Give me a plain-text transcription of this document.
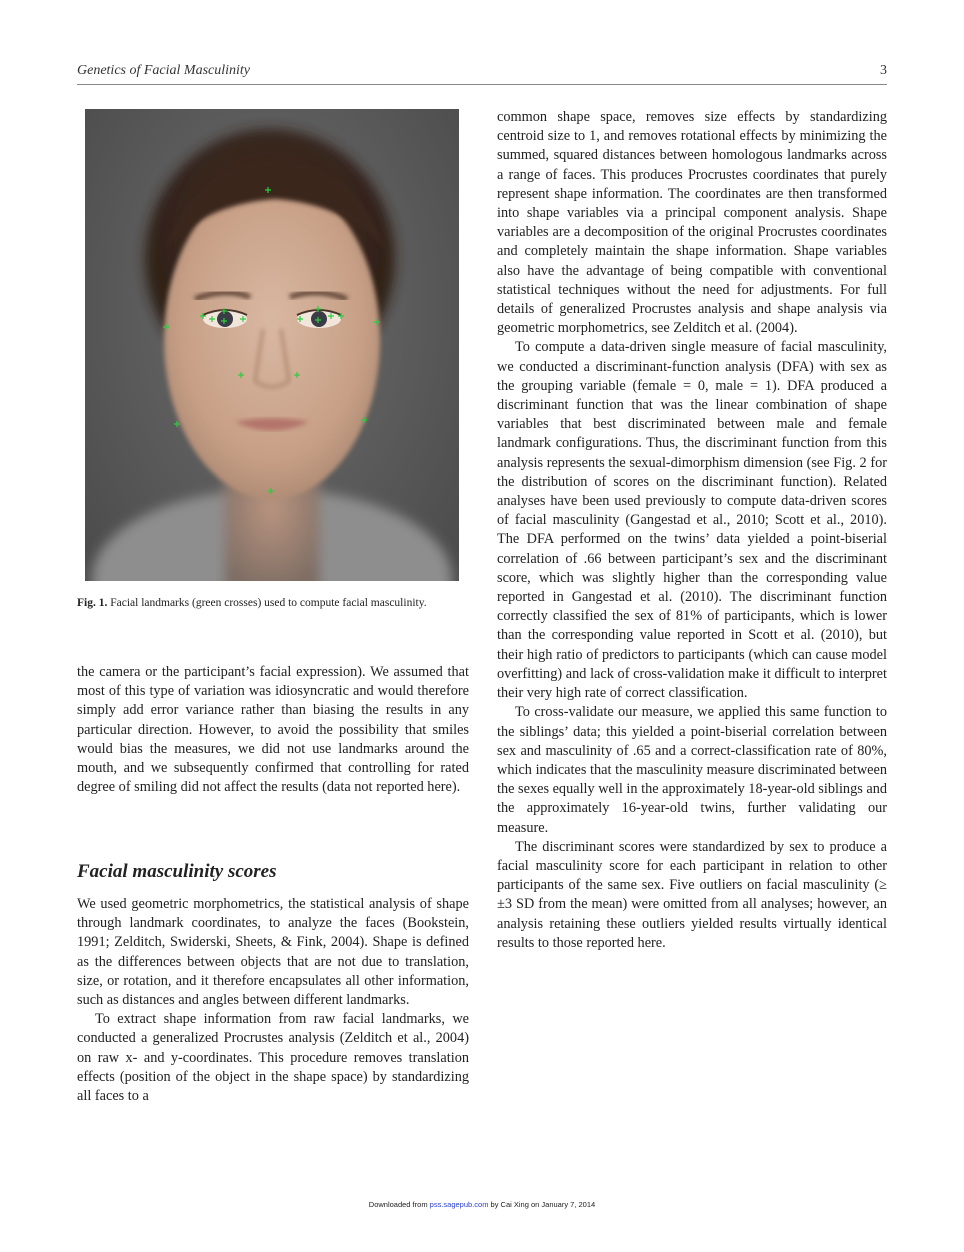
Genetics of Facial Masculinity	3
Fig. 1. Facial landmarks (green crosses) used to compute facial masculinity.

the camera or the participant’s facial expression). We assumed that most of this type of variation was idiosyncratic and would therefore simply add error variance rather than biasing the results in any particular direction. However, to avoid the possibility that smiles would bias the measures, we did not use landmarks around the mouth, and we subsequently confirmed that controlling for rated degree of smiling did not affect the results (data not reported here).

Facial masculinity scores

We used geometric morphometrics, the statistical analysis of shape through landmark coordinates, to analyze the faces (Bookstein, 1991; Zelditch, Swiderski, Sheets, & Fink, 2004). Shape is defined as the differences between objects that are not due to translation, size, or rotation, and it therefore encapsulates all other information, such as distances and angles between different landmarks.

To extract shape information from raw facial landmarks, we conducted a generalized Procrustes analysis (Zelditch et al., 2004) on raw x- and y-coordinates. This procedure removes translation effects (position of the object in the shape space) by standardizing all faces to a

common shape space, removes size effects by standardizing centroid size to 1, and removes rotational effects by minimizing the summed, squared distances between homologous landmarks across a range of faces. This produces Procrustes coordinates that purely represent shape information. The coordinates are then transformed into shape variables via a principal component analysis. Shape variables are a decomposition of the original Procrustes coordinates and completely maintain the shape information. Shape variables also have the advantage of being compatible with conventional statistical techniques without the need for adjustments. For full details of generalized Procrustes analysis and shape analysis via geometric morphometrics, see Zelditch et al. (2004).

To compute a data-driven single measure of facial masculinity, we conducted a discriminant-function analysis (DFA) with sex as the grouping variable (female = 0, male = 1). DFA produced a discriminant function that was the linear combination of shape variables that best discriminated between male and female landmark configurations. Thus, the discriminant function from this analysis represents the sexual-dimorphism dimension (see Fig. 2 for the distribution of scores on the discriminant function). Related analyses have been used previously to compute data-driven scores of facial masculinity (Gangestad et al., 2010; Scott et al., 2010). The DFA performed on the twins’ data yielded a point-biserial correlation of .66 between participant’s sex and the discriminant score, which was slightly higher than the corresponding value reported in Gangestad et al. (2010). The discriminant function correctly classified the sex of 81% of participants, which is lower than the corresponding value reported in Scott et al. (2010), but their high ratio of predictors to participants (which can cause model overfitting) and lack of cross-validation make it difficult to interpret their very high rate of correct classification.

To cross-validate our measure, we applied this same function to the siblings’ data; this yielded a point-biserial correlation between sex and masculinity of .65 and a correct-classification rate of 80%, which indicates that the masculinity measure discriminated between the sexes equally well in the approximately 18-year-old siblings and the approximately 16-year-old twins, further validating our measure.

The discriminant scores were standardized by sex to produce a facial masculinity score for each participant in relation to other participants of the same sex. Five outliers on facial masculinity (≥ ±3 SD from the mean) were omitted from all analyses; however, an analysis retaining these outliers yielded results virtually identical results to those reported here.

Downloaded from pss.sagepub.com by Cai Xing on January 7, 2014
